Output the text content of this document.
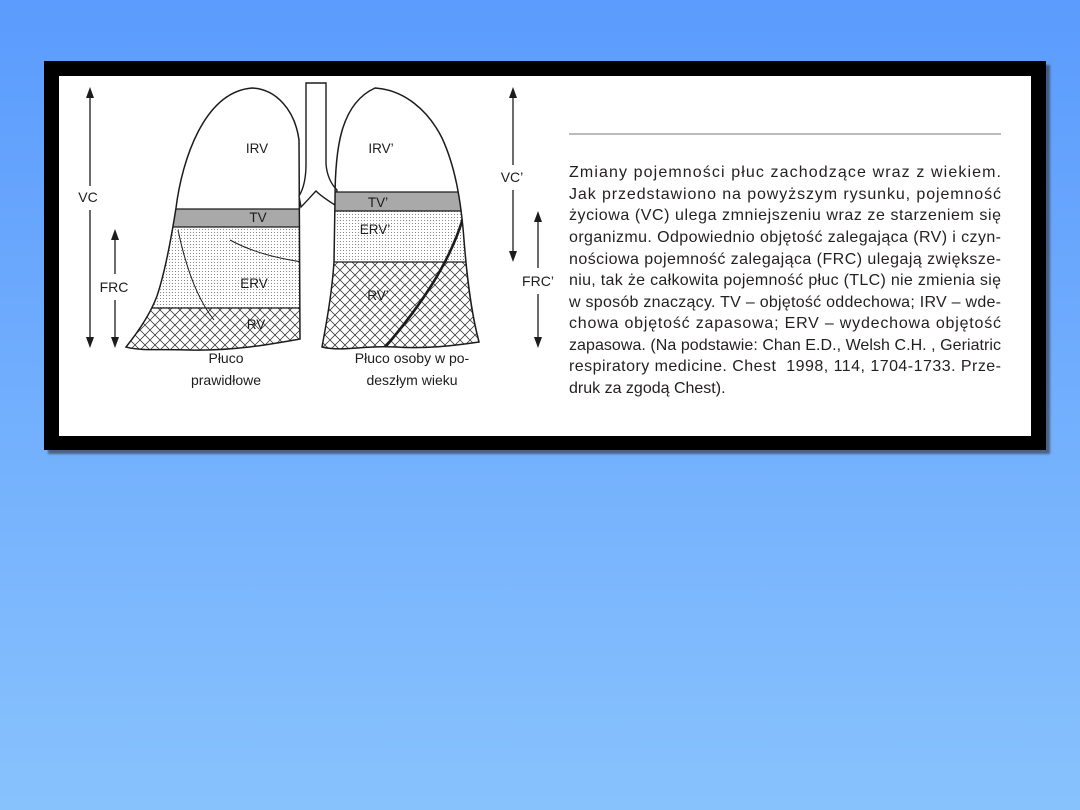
VC
FRC
IRV
TV
ERV
RV
IRV’
TV’
ERV’
RV’
Płuco
prawidłowe
Płuco osoby w po-
deszłym wieku
VC’
FRC’
Zmiany pojemności płuc zachodzące wraz z wiekiem.
Jak przedstawiono na powyższym rysunku, pojemność
życiowa (VC) ulega zmniejszeniu wraz ze starzeniem się
organizmu. Odpowiednio objętość zalegająca (RV) i czyn-
nościowa pojemność zalegająca (FRC) ulegają zwiększe-
niu, tak że całkowita pojemność płuc (TLC) nie zmienia się
w sposób znaczący. TV – objętość oddechowa; IRV – wde-
chowa objętość zapasowa; ERV – wydechowa objętość
zapasowa. (Na podstawie: Chan E.D., Welsh C.H. , Geriatric
respiratory medicine. Chest  1998, 114, 1704-1733. Prze-
druk za zgodą Chest).
